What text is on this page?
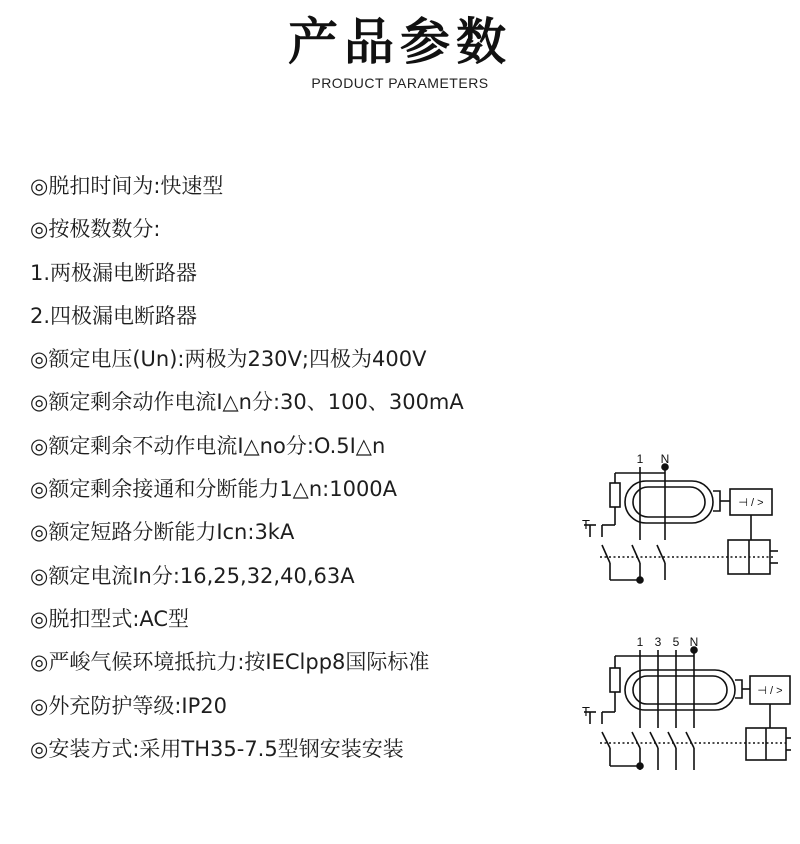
产品参数
PRODUCT PARAMETERS
◎脱扣时间为:快速型
◎按极数数分:
1.两极漏电断路器
2.四极漏电断路器
◎额定电压(Un):两极为230V;四极为400V
◎额定剩余动作电流I△n分:30、100、300mA
◎额定剩余不动作电流I△no分:O.5I△n
◎额定剩余接通和分断能力1△n:1000A
◎额定短路分断能力Icn:3kA
◎额定电流In分:16,25,32,40,63A
◎脱扣型式:AC型
◎严峻气候环境抵抗力:按IEClpp8国际标准
◎外充防护等级:IP20
◎安装方式:采用TH35-7.5型钢安装安装
1 N
T
⊣ / >
1 3 5 N
T
⊣ / >
